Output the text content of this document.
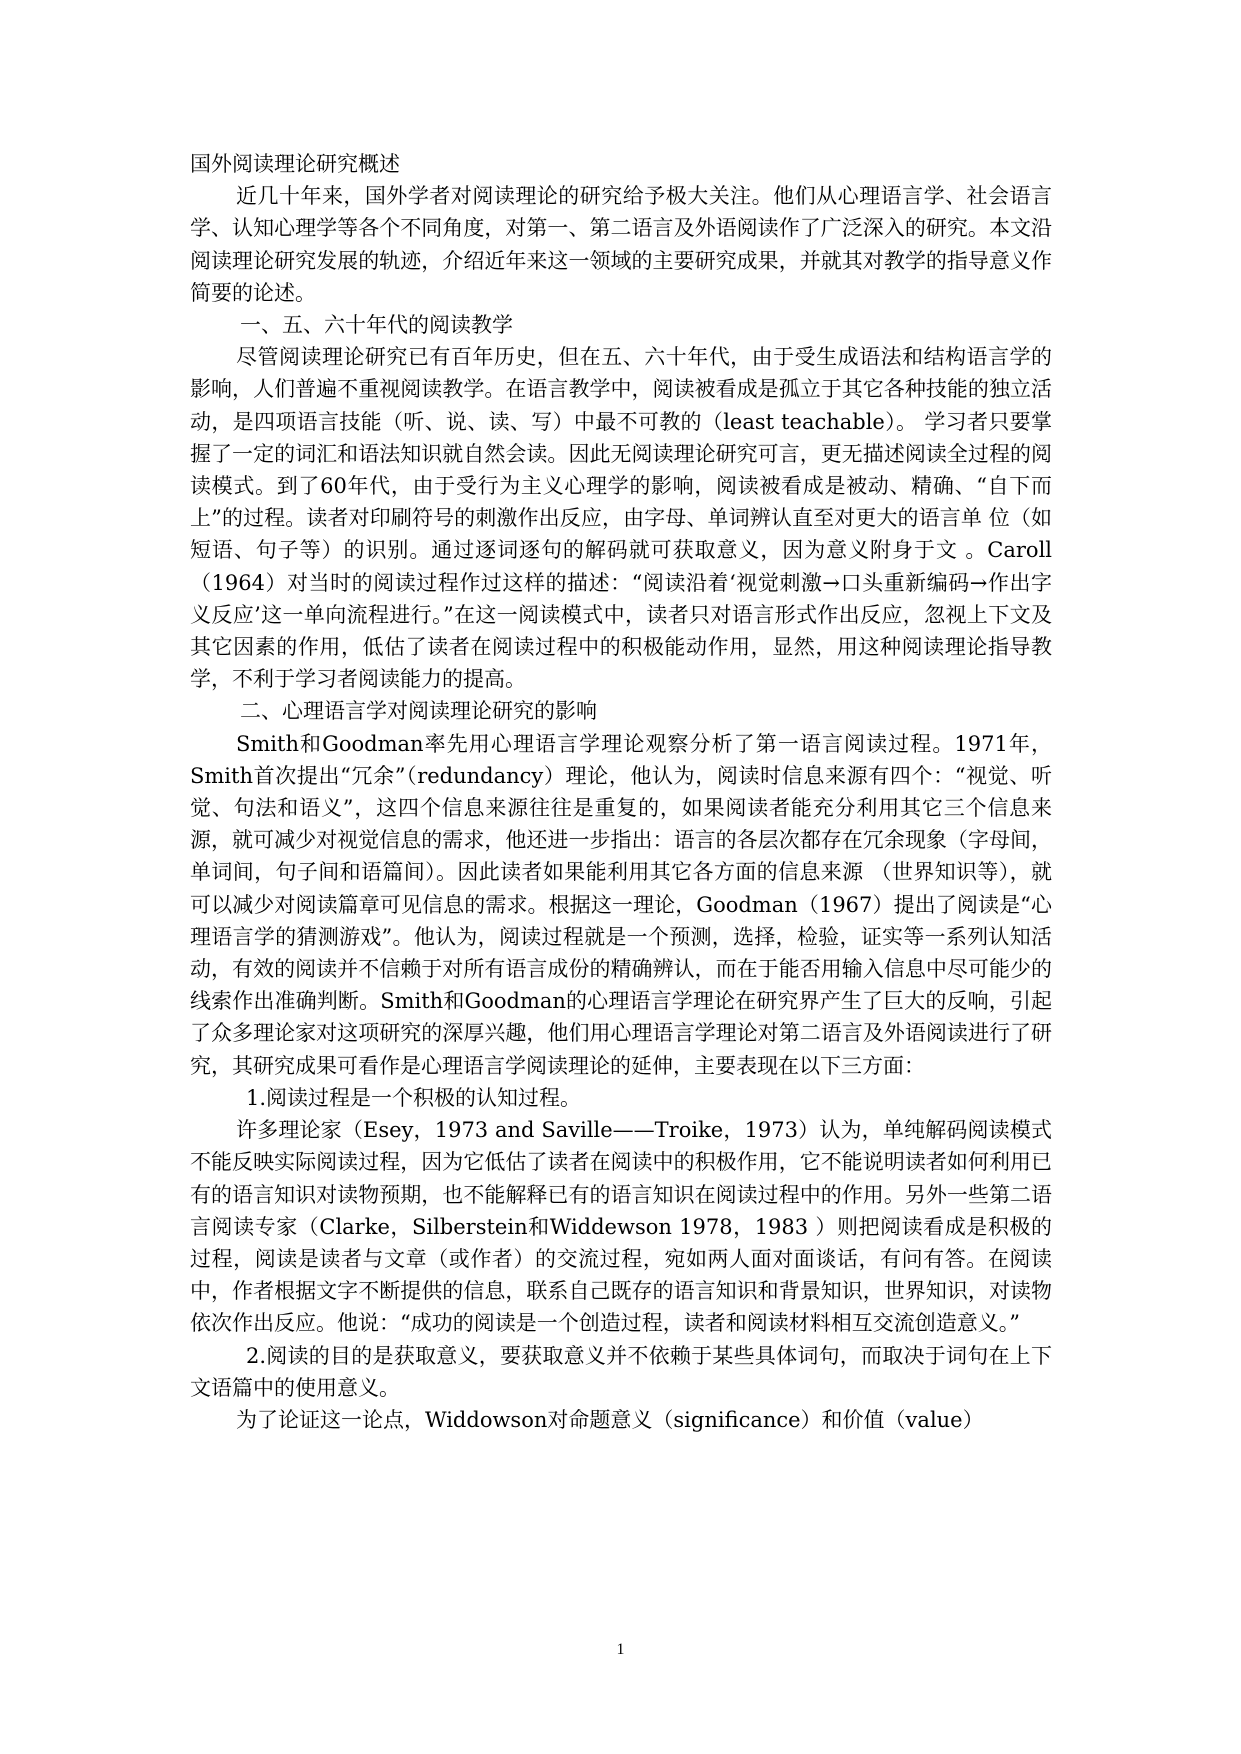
国外阅读理论研究概述

近几十年来，国外学者对阅读理论的研究给予极大关注。他们从心理语言学、社会语言学、认知心理学等各个不同角度，对第一、第二语言及外语阅读作了广泛深入的研究。本文沿阅读理论研究发展的轨迹，介绍近年来这一领域的主要研究成果，并就其对教学的指导意义作简要的论述。

一、五、六十年代的阅读教学

尽管阅读理论研究已有百年历史，但在五、六十年代，由于受生成语法和结构语言学的影响，人们普遍不重视阅读教学。在语言教学中，阅读被看成是孤立于其它各种技能的独立活动，是四项语言技能（听、说、读、写）中最不可教的（least teachable）。 学习者只要掌握了一定的词汇和语法知识就自然会读。因此无阅读理论研究可言，更无描述阅读全过程的阅读模式。到了60年代，由于受行为主义心理学的影响，阅读被看成是被动、精确、“自下而上”的过程。读者对印刷符号的刺激作出反应，由字母、单词辨认直至对更大的语言单 位（如短语、句子等）的识别。通过逐词逐句的解码就可获取意义，因为意义附身于文 。Caroll（1964）对当时的阅读过程作过这样的描述：“阅读沿着‘视觉刺激→口头重新编码→作出字义反应’这一单向流程进行。”在这一阅读模式中，读者只对语言形式作出反应，忽视上下文及其它因素的作用，低估了读者在阅读过程中的积极能动作用，显然，用这种阅读理论指导教学，不利于学习者阅读能力的提高。

二、心理语言学对阅读理论研究的影响

Smith和Goodman率先用心理语言学理论观察分析了第一语言阅读过程。1971年，Smith首次提出“冗余”（redundancy）理论，他认为，阅读时信息来源有四个：“视觉、听觉、句法和语义”，这四个信息来源往往是重复的，如果阅读者能充分利用其它三个信息来源，就可减少对视觉信息的需求，他还进一步指出：语言的各层次都存在冗余现象（字母间，单词间，句子间和语篇间）。因此读者如果能利用其它各方面的信息来源 （世界知识等），就可以减少对阅读篇章可见信息的需求。根据这一理论，Goodman（1967）提出了阅读是“心理语言学的猜测游戏”。他认为，阅读过程就是一个预测，选择，检验，证实等一系列认知活动，有效的阅读并不信赖于对所有语言成份的精确辨认，而在于能否用输入信息中尽可能少的线索作出准确判断。Smith和Goodman的心理语言学理论在研究界产生了巨大的反响，引起了众多理论家对这项研究的深厚兴趣，他们用心理语言学理论对第二语言及外语阅读进行了研究，其研究成果可看作是心理语言学阅读理论的延伸，主要表现在以下三方面：

1.阅读过程是一个积极的认知过程。

许多理论家（Esey，1973 and Saville——Troike，1973）认为，单纯解码阅读模式不能反映实际阅读过程，因为它低估了读者在阅读中的积极作用，它不能说明读者如何利用已有的语言知识对读物预期，也不能解释已有的语言知识在阅读过程中的作用。另外一些第二语言阅读专家（Clarke，Silberstein和Widdewson 1978，1983 ）则把阅读看成是积极的过程，阅读是读者与文章（或作者）的交流过程，宛如两人面对面谈话，有问有答。在阅读中，作者根据文字不断提供的信息，联系自己既存的语言知识和背景知识，世界知识，对读物依次作出反应。他说：“成功的阅读是一个创造过程，读者和阅读材料相互交流创造意义。”

2.阅读的目的是获取意义，要获取意义并不依赖于某些具体词句，而取决于词句在上下文语篇中的使用意义。

为了论证这一论点，Widdowson对命题意义（significance）和价值（value）

1
